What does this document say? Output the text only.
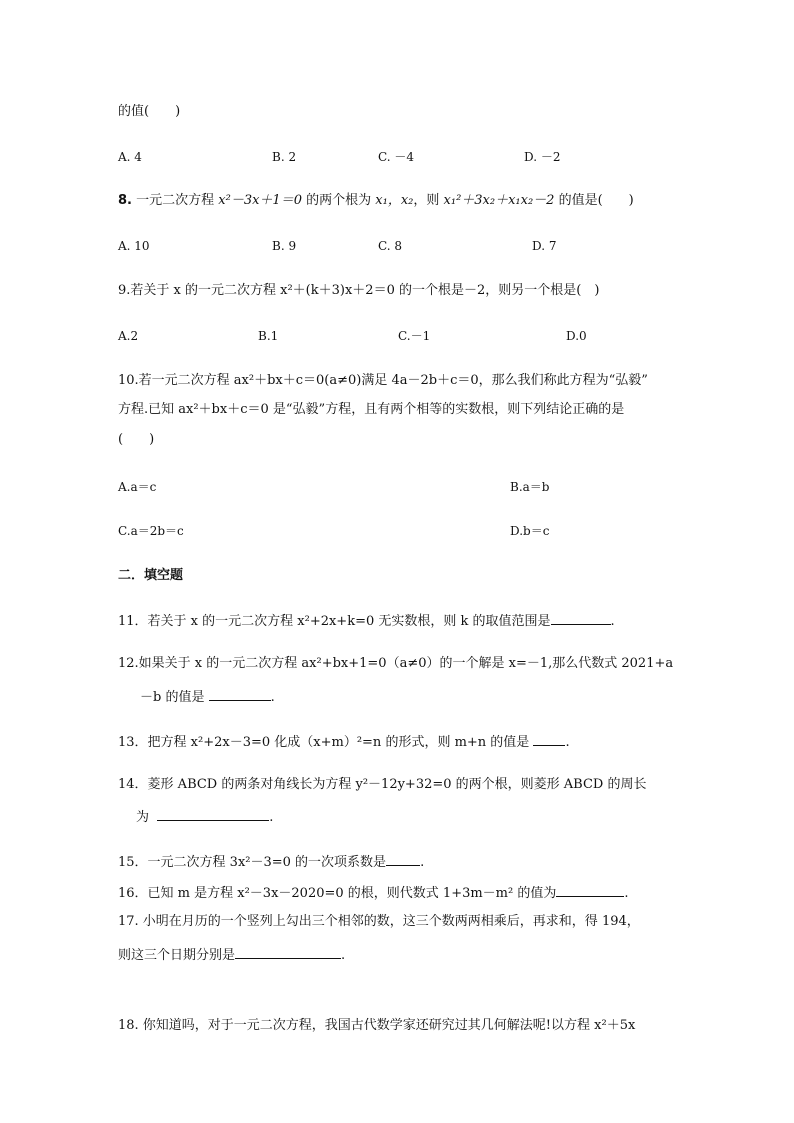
的值(　　)
A. 4	B. 2	C. －4	D. －2
8. 一元二次方程 x²－3x＋1＝0 的两个根为 x₁，x₂，则 x₁²＋3x₂＋x₁x₂－2 的值是(　　)
A. 10	B. 9	C. 8	D. 7
9.若关于 x 的一元二次方程 x²＋(k＋3)x＋2＝0 的一个根是－2，则另一个根是(　)
A.2	B.1	C.－1	D.0
10.若一元二次方程 ax²＋bx＋c＝0(a≠0)满足 4a－2b＋c＝0，那么我们称此方程为“弘毅”
方程.已知 ax²＋bx＋c＝0 是“弘毅”方程，且有两个相等的实数根，则下列结论正确的是
(　　)
A.a＝c	B.a＝b
C.a＝2b＝c	D.b＝c
二．填空题
11．若关于 x 的一元二次方程 x²+2x+k=0 无实数根，则 k 的取值范围是	.
12.如果关于 x 的一元二次方程 ax²+bx+1=0（a≠0）的一个解是 x=－1,那么代数式 2021+a
－b 的值是	.
13．把方程 x²+2x－3=0 化成（x+m）²=n 的形式，则 m+n 的值是	.
14．菱形 ABCD 的两条对角线长为方程 y²－12y+32=0 的两个根，则菱形 ABCD 的周长
为	.
15．一元二次方程 3x²－3=0 的一次项系数是	.
16．已知 m 是方程 x²－3x－2020=0 的根，则代数式 1+3m－m² 的值为	.
17. 小明在月历的一个竖列上勾出三个相邻的数，这三个数两两相乘后，再求和，得 194，
则这三个日期分别是	.
18. 你知道吗，对于一元二次方程，我国古代数学家还研究过其几何解法呢!以方程 x²＋5x
